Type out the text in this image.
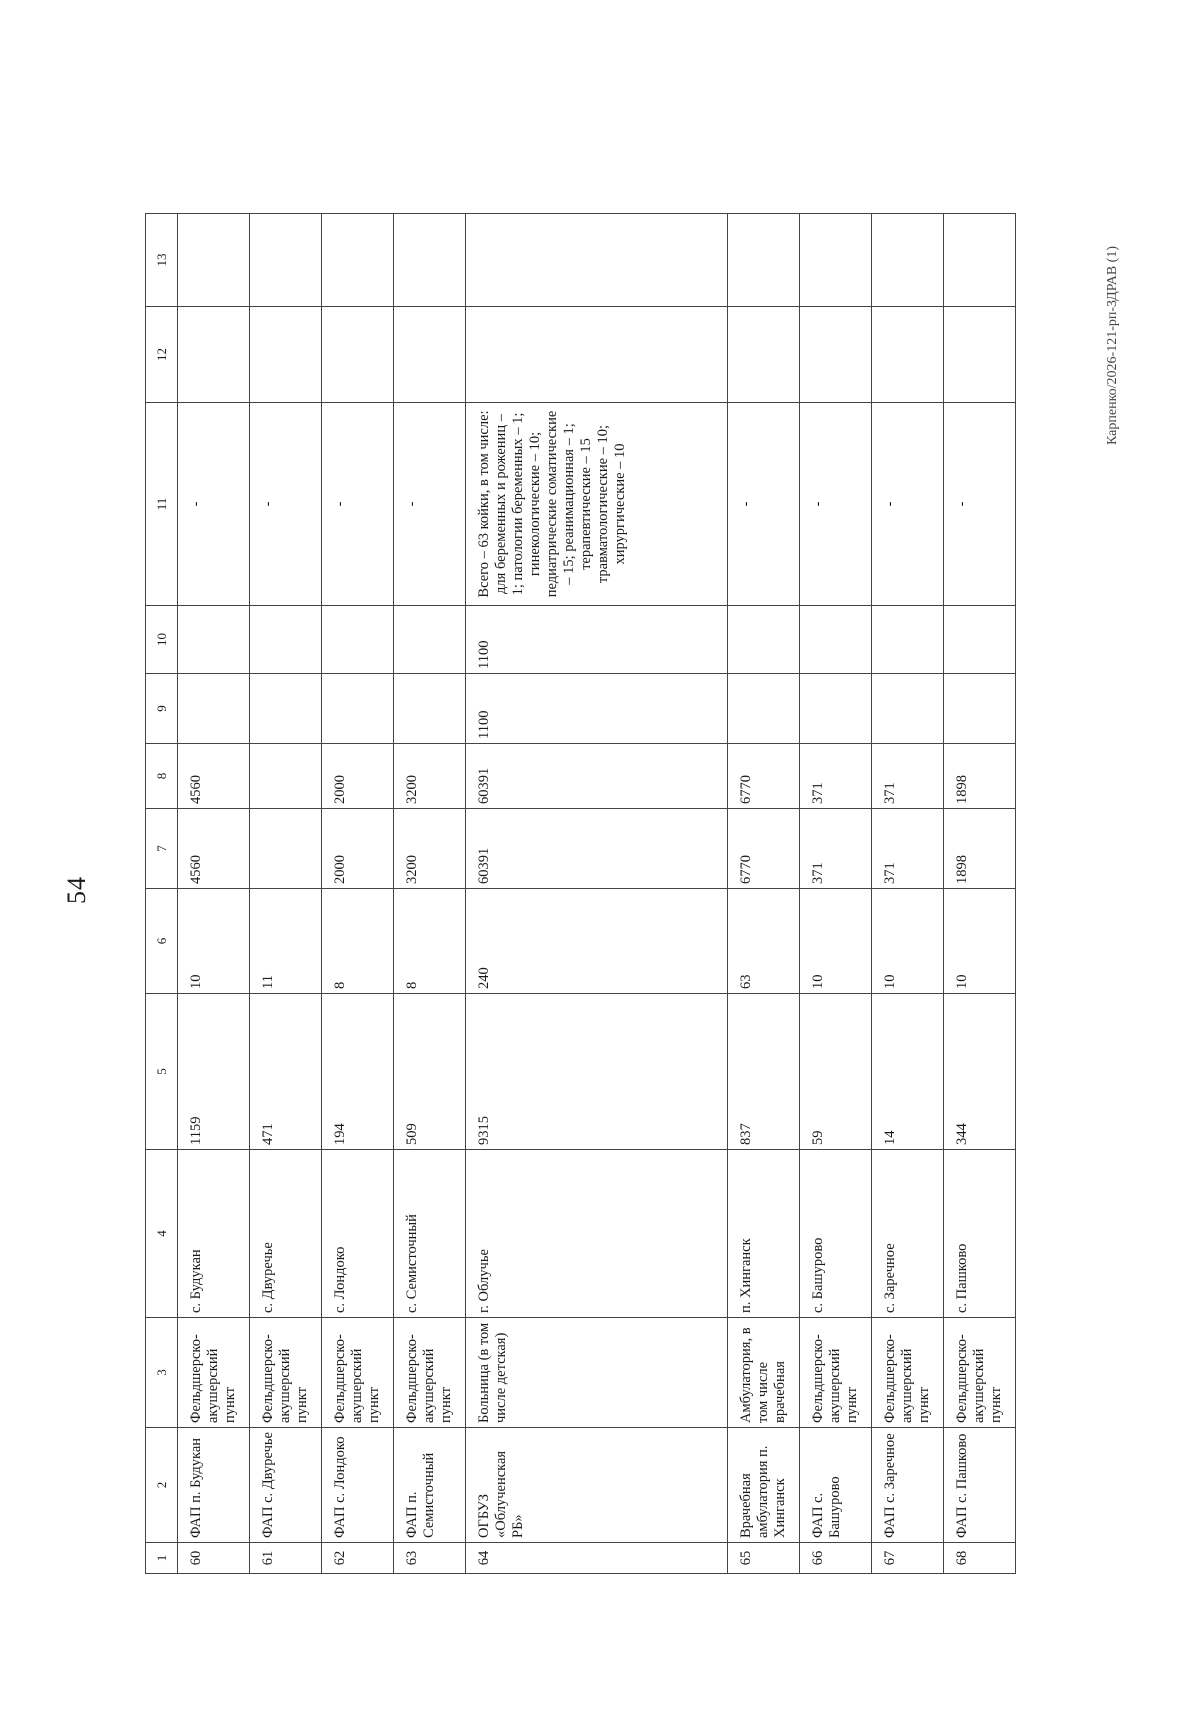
54
1	2	3	4	5	6	7	8	9	10	11	12	13
60	ФАП п. Будукан	Фельдшерско-акушерский пункт	с. Будукан	1159	10	4560	4560			-		
61	ФАП с. Двуречье	Фельдшерско-акушерский пункт	с. Двуречье	471	11					-		
62	ФАП с. Лондоко	Фельдшерско-акушерский пункт	с. Лондоко	194	8	2000	2000			-		
63	ФАП п. Семисточный	Фельдшерско-акушерский пункт	с. Семисточный	509	8	3200	3200			-		
64	ОГБУЗ «Облученская РБ»	Больница (в том числе детская)	г. Облучье	9315	240	60391	60391	1100	1100	Всего – 63 койки, в том числе: для беременных и рожениц – 1; патологии беременных – 1; гинекологические – 10; педиатрические соматические – 15; реанимационная – 1; терапевтические – 15 травматологические – 10; хирургические – 10		
65	Врачебная амбулатория п. Хинганск	Амбулатория, в том числе врачебная	п. Хинганск	837	63	6770	6770			-		
66	ФАП с. Башурово	Фельдшерско-акушерский пункт	с. Башурово	59	10	371	371			-		
67	ФАП с. Заречное	Фельдшерско-акушерский пункт	с. Заречное	14	10	371	371			-		
68	ФАП с. Пашково	Фельдшерско-акушерский пункт	с. Пашково	344	10	1898	1898			-		
Карпенко/2026-121-рп-ЗДРАВ (1)
